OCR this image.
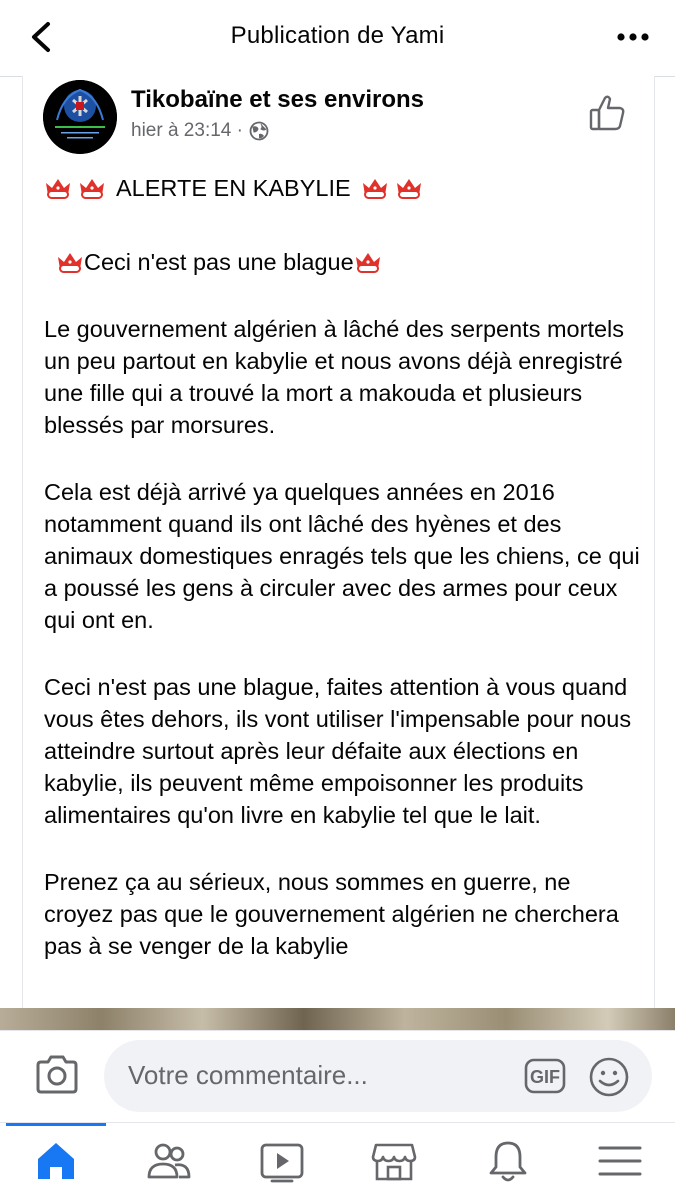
Publication de Yami
Tikobaïne et ses environs
hier à 23:14 ·

ALERTE EN KABYLIE

Ceci n'est pas une blague

Le gouvernement algérien à lâché des serpents mortels un peu partout en kabylie et nous avons déjà enregistré une fille qui a trouvé la mort a makouda et plusieurs blessés par morsures.

Cela est déjà arrivé ya quelques années en 2016 notamment quand ils ont lâché des hyènes et des animaux domestiques enragés tels que les chiens, ce qui a poussé les gens à circuler avec des armes pour ceux qui ont en.

Ceci n'est pas une blague, faites attention à vous quand vous êtes dehors, ils vont utiliser l'impensable pour nous atteindre surtout après leur défaite aux élections en kabylie, ils peuvent même empoisonner les produits alimentaires qu'on livre en kabylie tel que le lait.

Prenez ça au sérieux, nous sommes en guerre, ne croyez pas que le gouvernement algérien ne cherchera pas à se venger de la kabylie

Votre commentaire...	GIF
